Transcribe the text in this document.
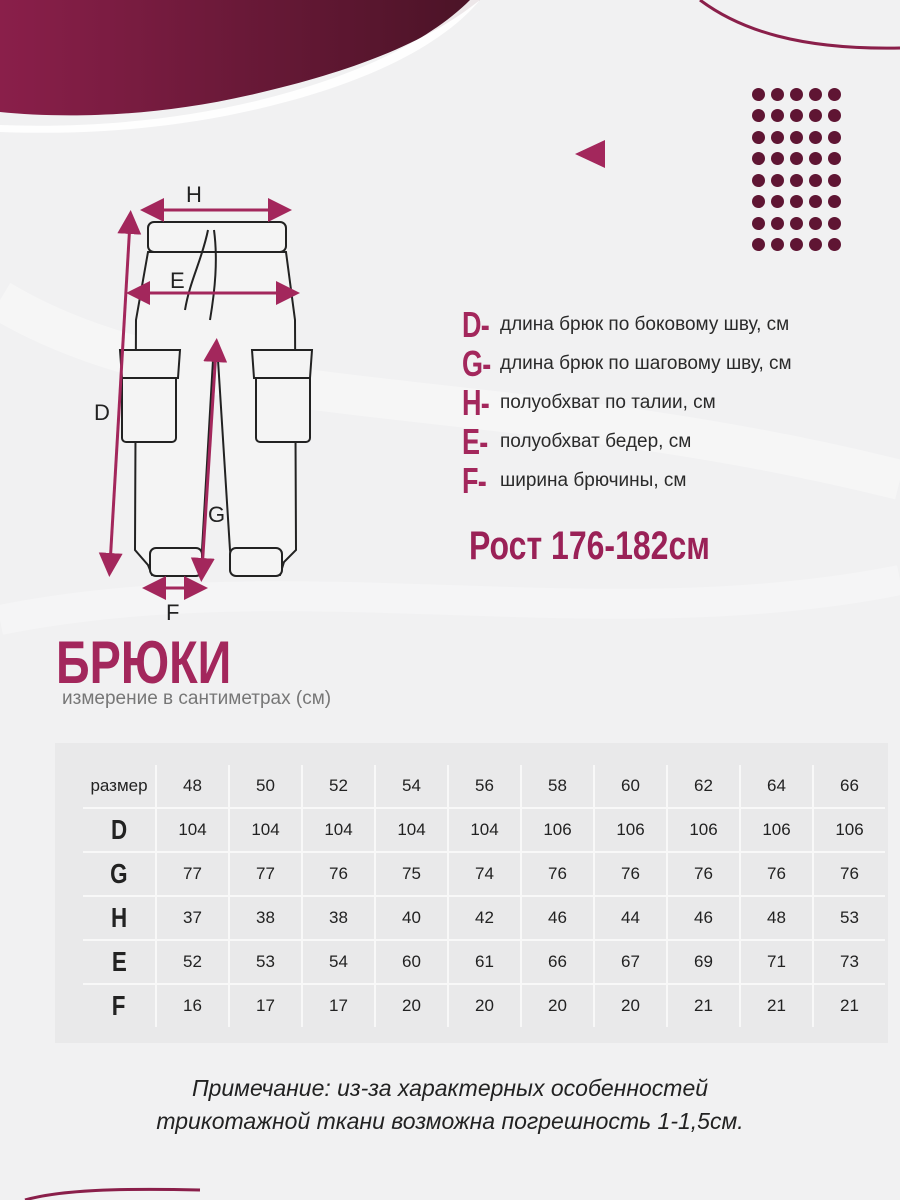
H
E
D
G
F
D- длина брюк по боковому шву, см
G- длина брюк по шаговому шву, см
H- полуобхват по талии, см
E- полуобхват бедер, см
F- ширина брючины, см
Рост 176-182см
БРЮКИ
измерение в сантиметрах (см)
размер	48	50	52	54	56	58	60	62	64	66
D	104	104	104	104	104	106	106	106	106	106
G	77	77	76	75	74	76	76	76	76	76
H	37	38	38	40	42	46	44	46	48	53
E	52	53	54	60	61	66	67	69	71	73
F	16	17	17	20	20	20	20	21	21	21
Примечание: из-за характерных особенностей
трикотажной ткани возможна погрешность 1-1,5см.
